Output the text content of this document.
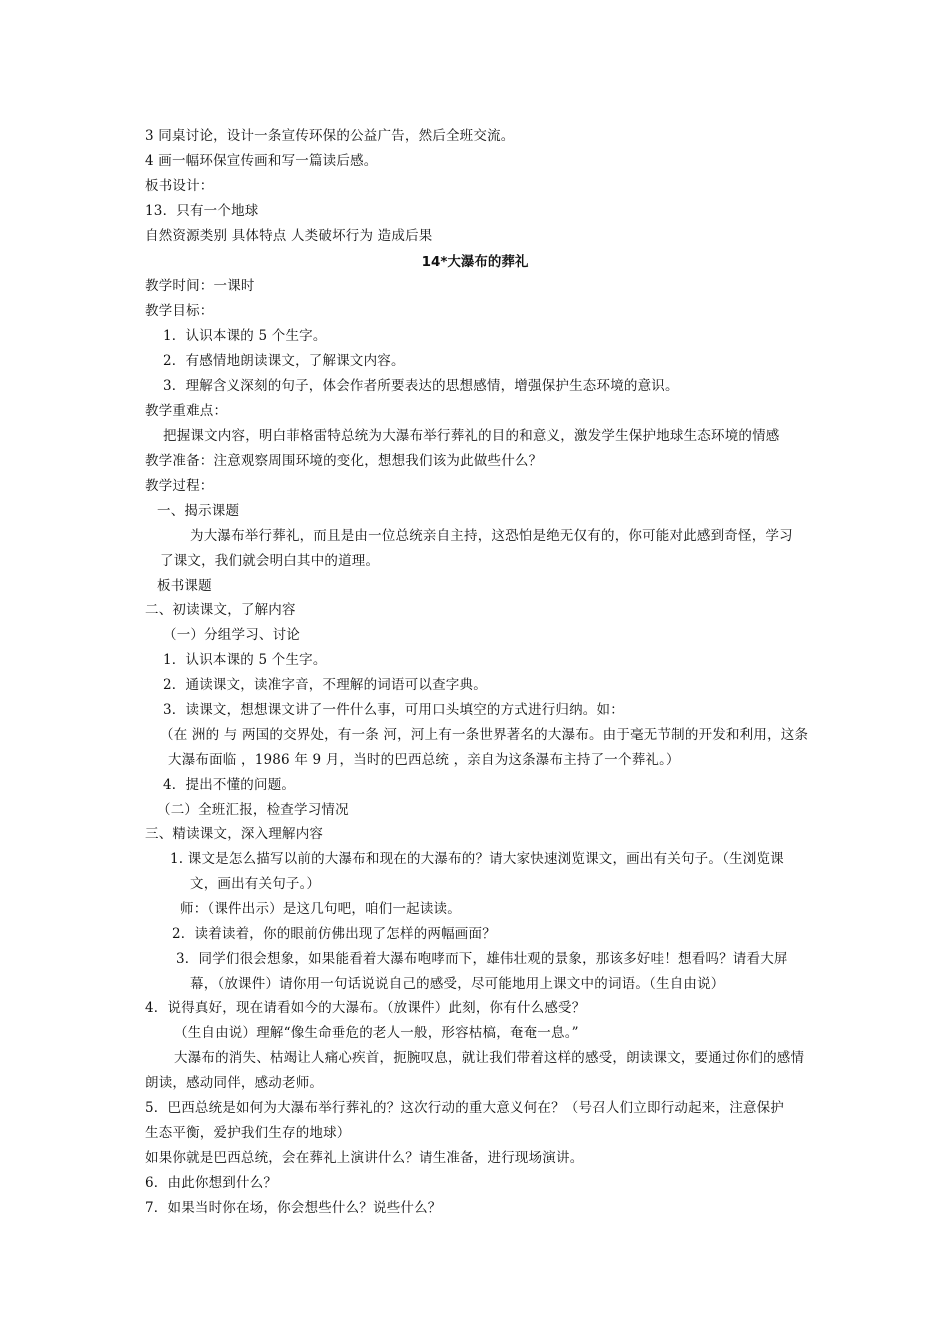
3 同桌讨论，设计一条宣传环保的公益广告，然后全班交流。
4 画一幅环保宣传画和写一篇读后感。
板书设计：
13．只有一个地球
自然资源类别 具体特点 人类破坏行为 造成后果
14*大瀑布的葬礼
教学时间：一课时
教学目标：
1．认识本课的 5 个生字。
2．有感情地朗读课文，了解课文内容。
3．理解含义深刻的句子，体会作者所要表达的思想感情，增强保护生态环境的意识。
教学重难点：
把握课文内容，明白菲格雷特总统为大瀑布举行葬礼的目的和意义，激发学生保护地球生态环境的情感
教学准备：注意观察周围环境的变化，想想我们该为此做些什么？
教学过程：
一、揭示课题
为大瀑布举行葬礼，而且是由一位总统亲自主持，这恐怕是绝无仅有的，你可能对此感到奇怪，学习
了课文，我们就会明白其中的道理。
板书课题
二、初读课文，了解内容
（一）分组学习、讨论
1．认识本课的 5 个生字。
2．通读课文，读准字音，不理解的词语可以查字典。
3．读课文，想想课文讲了一件什么事，可用口头填空的方式进行归纳。如：
（在 洲的 与 两国的交界处，有一条 河，河上有一条世界著名的大瀑布。由于毫无节制的开发和利用，这条
大瀑布面临 ，1986 年 9 月，当时的巴西总统 ，亲自为这条瀑布主持了一个葬礼。）
4．提出不懂的问题。
（二）全班汇报，检查学习情况
三、精读课文，深入理解内容
1. 课文是怎么描写以前的大瀑布和现在的大瀑布的？请大家快速浏览课文，画出有关句子。（生浏览课
文，画出有关句子。）
师：（课件出示）是这几句吧，咱们一起读读。
2．读着读着，你的眼前仿佛出现了怎样的两幅画面？
3．同学们很会想象，如果能看着大瀑布咆哮而下，雄伟壮观的景象，那该多好哇！想看吗？请看大屏
幕，（放课件）请你用一句话说说自己的感受，尽可能地用上课文中的词语。（生自由说）
4．说得真好，现在请看如今的大瀑布。（放课件）此刻，你有什么感受？
（生自由说）理解“像生命垂危的老人一般，形容枯槁，奄奄一息。”
大瀑布的消失、枯竭让人痛心疾首，扼腕叹息，就让我们带着这样的感受，朗读课文，要通过你们的感情
朗读，感动同伴，感动老师。
5．巴西总统是如何为大瀑布举行葬礼的？这次行动的重大意义何在？（号召人们立即行动起来，注意保护
生态平衡，爱护我们生存的地球）
如果你就是巴西总统，会在葬礼上演讲什么？请生准备，进行现场演讲。
6．由此你想到什么？
7．如果当时你在场，你会想些什么？说些什么？
